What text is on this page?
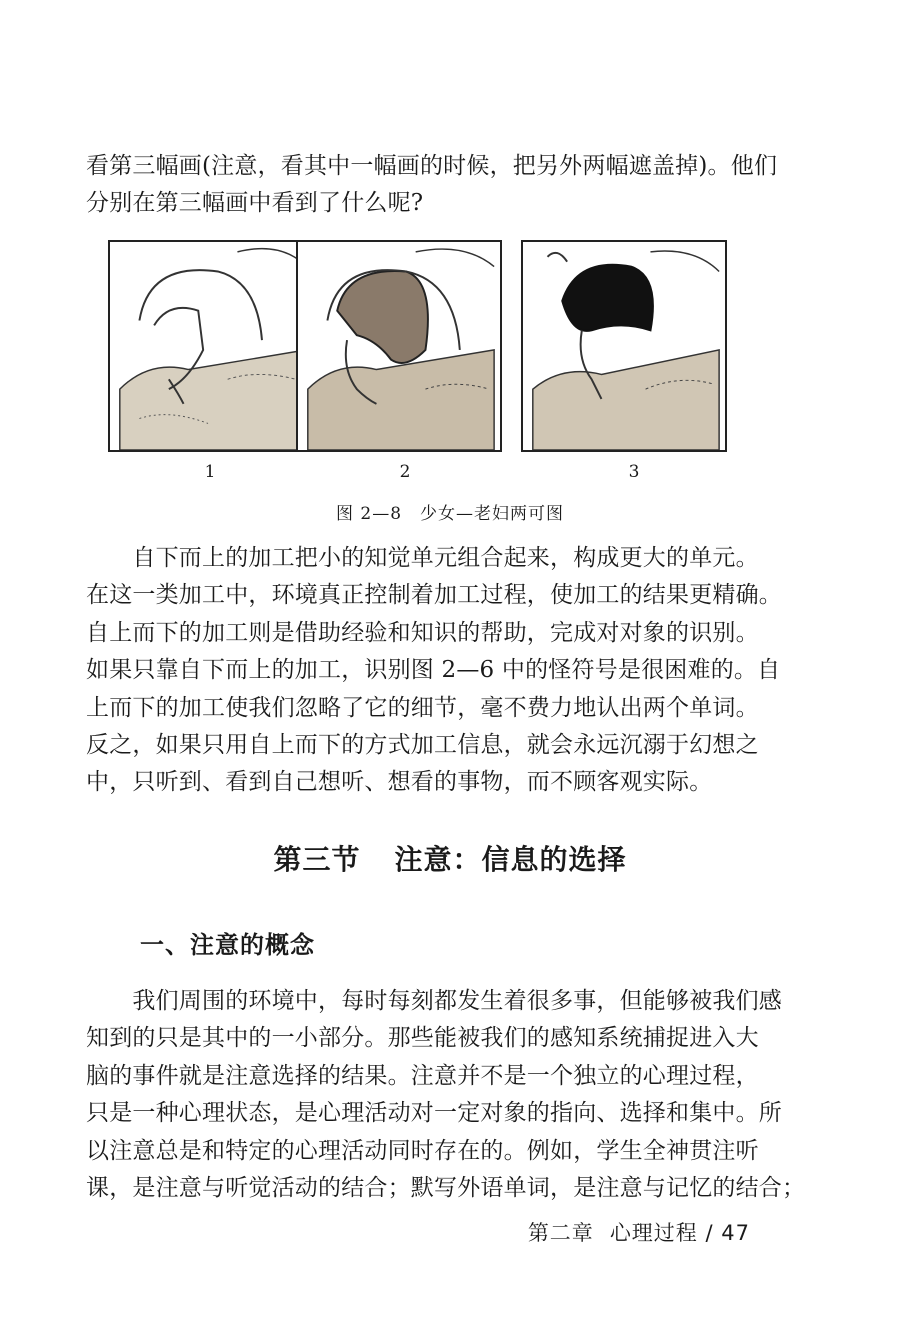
看第三幅画(注意，看其中一幅画的时候，把另外两幅遮盖掉)。他们
分别在第三幅画中看到了什么呢?
1	2	3
图 2—8 少女—老妇两可图
　　自下而上的加工把小的知觉单元组合起来，构成更大的单元。
在这一类加工中，环境真正控制着加工过程，使加工的结果更精确。
自上而下的加工则是借助经验和知识的帮助，完成对对象的识别。
如果只靠自下而上的加工，识别图 2—6 中的怪符号是很困难的。自
上而下的加工使我们忽略了它的细节，毫不费力地认出两个单词。
反之，如果只用自上而下的方式加工信息，就会永远沉溺于幻想之
中，只听到、看到自己想听、想看的事物，而不顾客观实际。
第三节 注意：信息的选择
一、注意的概念
　　我们周围的环境中，每时每刻都发生着很多事，但能够被我们感
知到的只是其中的一小部分。那些能被我们的感知系统捕捉进入大
脑的事件就是注意选择的结果。注意并不是一个独立的心理过程，
只是一种心理状态，是心理活动对一定对象的指向、选择和集中。所
以注意总是和特定的心理活动同时存在的。例如，学生全神贯注听
课，是注意与听觉活动的结合；默写外语单词，是注意与记忆的结合；
第二章 心理过程 / 47
